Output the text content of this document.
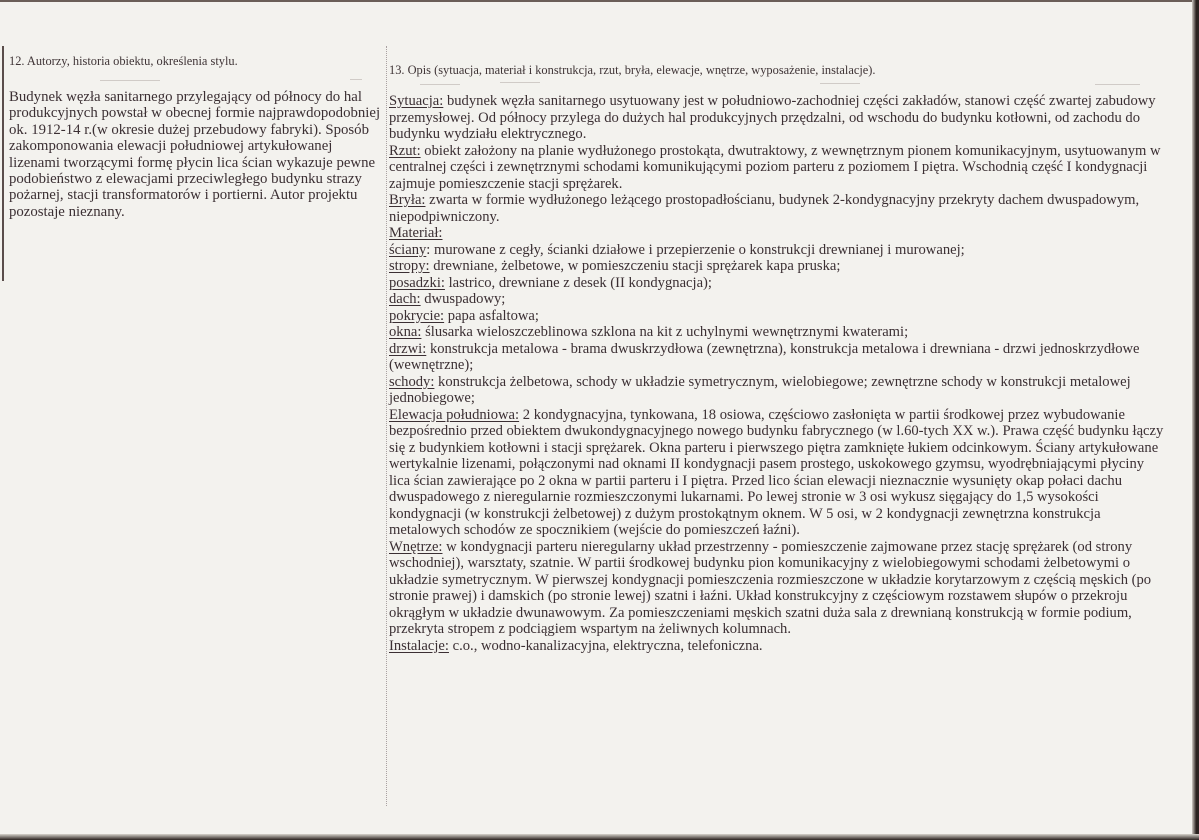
12. Autorzy, historia obiektu, określenia stylu.

Budynek węzła sanitarnego przylegający od północy do hal produkcyjnych powstał w obecnej formie najprawdopodobniej ok. 1912-14 r.(w okresie dużej przebudowy fabryki). Sposób zakomponowania elewacji południowej artykułowanej lizenami tworzącymi formę płycin lica ścian wykazuje pewne podobieństwo z elewacjami przeciwległego budynku strazy pożarnej, stacji transformatorów i portierni. Autor projektu pozostaje nieznany.

13. Opis (sytuacja, materiał i konstrukcja, rzut, bryła, elewacje, wnętrze, wyposażenie, instalacje).

Sytuacja: budynek węzła sanitarnego usytuowany jest w południowo-zachodniej części zakładów, stanowi część zwartej zabudowy przemysłowej. Od północy przylega do dużych hal produkcyjnych przędzalni, od wschodu do budynku kotłowni, od zachodu do budynku wydziału elektrycznego.

Rzut: obiekt założony na planie wydłużonego prostokąta, dwutraktowy, z wewnętrznym pionem komunikacyjnym, usytuowanym w centralnej części i zewnętrznymi schodami komunikującymi poziom parteru z poziomem I piętra. Wschodnią część I kondygnacji zajmuje pomieszczenie stacji sprężarek.

Bryła: zwarta w formie wydłużonego leżącego prostopadłościanu, budynek 2-kondygnacyjny przekryty dachem dwuspadowym, niepodpiwniczony.

Materiał:

ściany: murowane z cegły, ścianki działowe i przepierzenie o konstrukcji drewnianej i murowanej;

stropy: drewniane, żelbetowe, w pomieszczeniu stacji sprężarek kapa pruska;

posadzki: lastrico, drewniane z desek (II kondygnacja);

dach: dwuspadowy;

pokrycie: papa asfaltowa;

okna: ślusarka wieloszczeblinowa szklona na kit z uchylnymi wewnętrznymi kwaterami;

drzwi: konstrukcja metalowa - brama dwuskrzydłowa (zewnętrzna), konstrukcja metalowa i drewniana - drzwi jednoskrzydłowe (wewnętrzne);

schody: konstrukcja żelbetowa, schody w układzie symetrycznym, wielobiegowe; zewnętrzne schody w konstrukcji metalowej jednobiegowe;

Elewacja południowa: 2 kondygnacyjna, tynkowana, 18 osiowa, częściowo zasłonięta w partii środkowej przez wybudowanie bezpośrednio przed obiektem dwukondygnacyjnego nowego budynku fabrycznego (w l.60-tych XX w.). Prawa część budynku łączy się z budynkiem kotłowni i stacji sprężarek. Okna parteru i pierwszego piętra zamknięte łukiem odcinkowym. Ściany artykułowane wertykalnie lizenami, połączonymi nad oknami II kondygnacji pasem prostego, uskokowego gzymsu, wyodrębniającymi płyciny lica ścian zawierające po 2 okna w partii parteru i I piętra. Przed lico ścian elewacji nieznacznie wysunięty okap połaci dachu dwuspadowego z nieregularnie rozmieszczonymi lukarnami. Po lewej stronie w 3 osi wykusz sięgający do 1,5 wysokości kondygnacji (w konstrukcji żelbetowej) z dużym prostokątnym oknem. W 5 osi, w 2 kondygnacji zewnętrzna konstrukcja metalowych schodów ze spocznikiem (wejście do pomieszczeń łaźni).

Wnętrze: w kondygnacji parteru nieregularny układ przestrzenny - pomieszczenie zajmowane przez stację sprężarek (od strony wschodniej), warsztaty, szatnie. W partii środkowej budynku pion komunikacyjny z wielobiegowymi schodami żelbetowymi o układzie symetrycznym. W pierwszej kondygnacji pomieszczenia rozmieszczone w układzie korytarzowym z częścią męskich (po stronie prawej) i damskich (po stronie lewej) szatni i łaźni. Układ konstrukcyjny z częściowym rozstawem słupów o przekroju okrągłym w układzie dwunawowym. Za pomieszczeniami męskich szatni duża sala z drewnianą konstrukcją w formie podium, przekryta stropem z podciągiem wspartym na żeliwnych kolumnach.

Instalacje: c.o., wodno-kanalizacyjna, elektryczna, telefoniczna.
